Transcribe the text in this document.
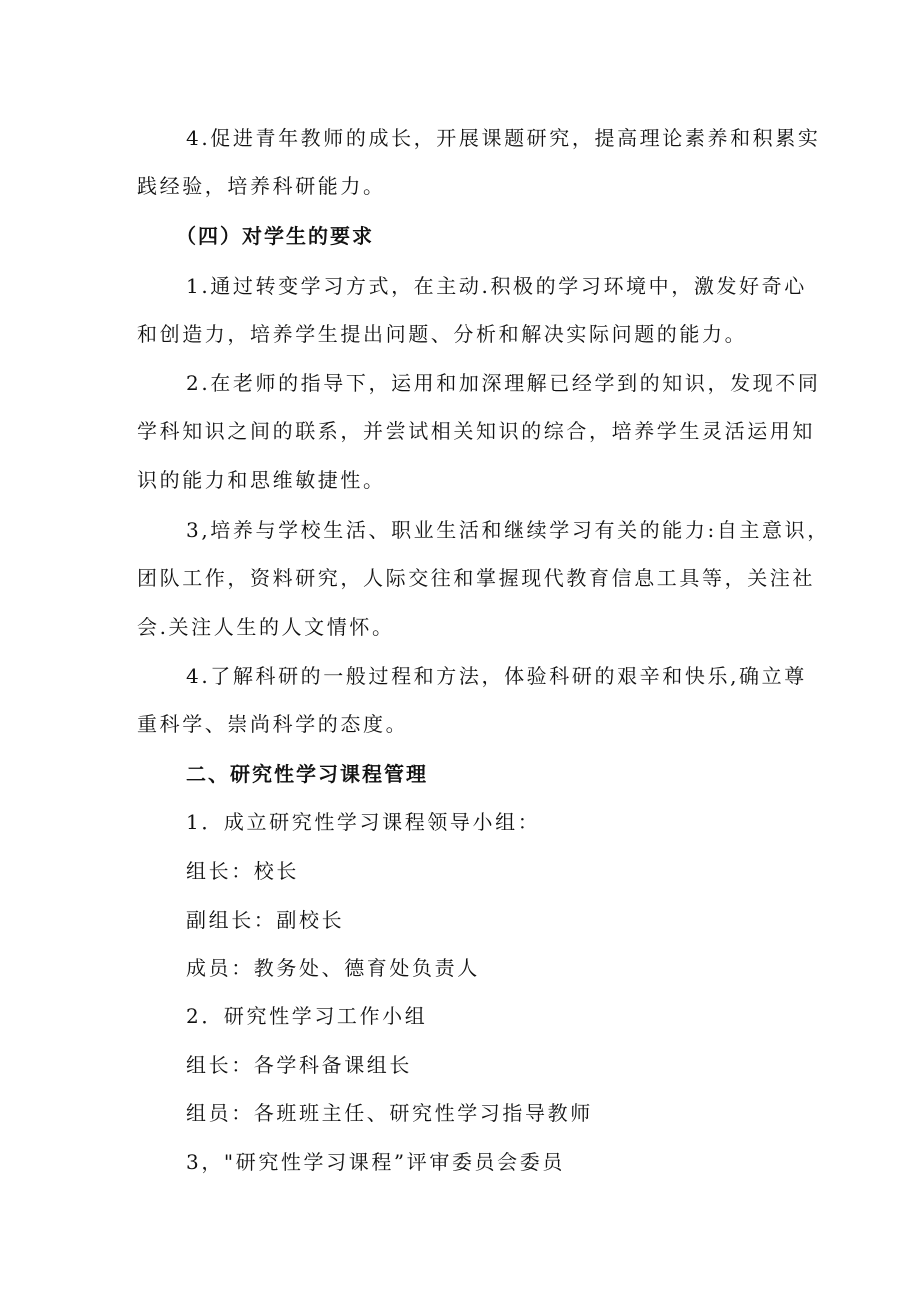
4.促进青年教师的成长，开展课题研究，提高理论素养和积累实
践经验，培养科研能力。
（四）对学生的要求
1.通过转变学习方式，在主动.积极的学习环境中，激发好奇心
和创造力，培养学生提出问题、分析和解决实际问题的能力。
2.在老师的指导下，运用和加深理解已经学到的知识，发现不同
学科知识之间的联系，并尝试相关知识的综合，培养学生灵活运用知
识的能力和思维敏捷性。
3,培养与学校生活、职业生活和继续学习有关的能力:自主意识，
团队工作，资料研究，人际交往和掌握现代教育信息工具等，关注社
会.关注人生的人文情怀。
4.了解科研的一般过程和方法，体验科研的艰辛和快乐,确立尊
重科学、崇尚科学的态度。
二、研究性学习课程管理
1．成立研究性学习课程领导小组：
组长：校长
副组长：副校长
成员：教务处、德育处负责人
2．研究性学习工作小组
组长：各学科备课组长
组员：各班班主任、研究性学习指导教师
3，"研究性学习课程”评审委员会委员
